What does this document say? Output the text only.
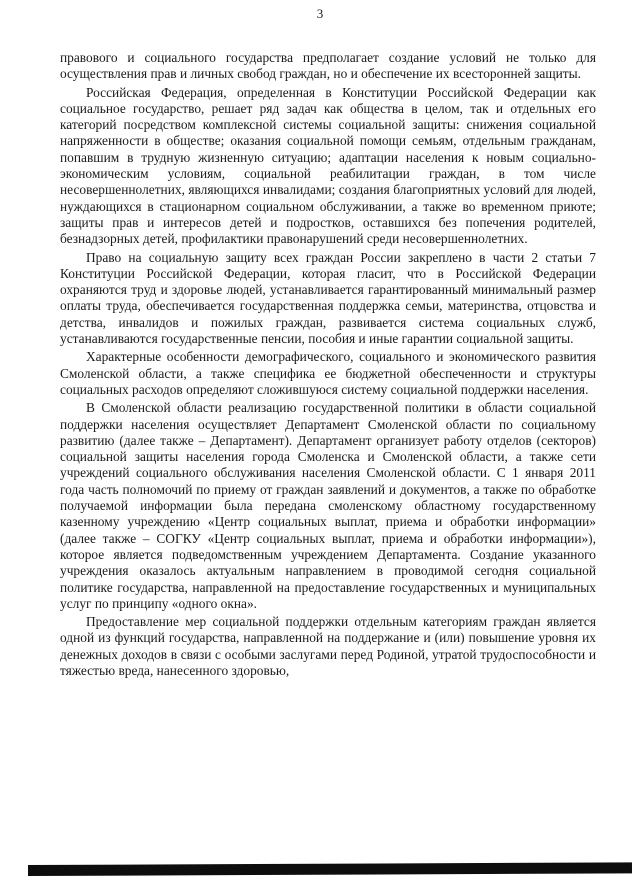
3

правового и социального государства предполагает создание условий не только для осуществления прав и личных свобод граждан, но и обеспечение их всесторонней защиты.

Российская Федерация, определенная в Конституции Российской Федерации как социальное государство, решает ряд задач как общества в целом, так и отдельных его категорий посредством комплексной системы социальной защиты: снижения социальной напряженности в обществе; оказания социальной помощи семьям, отдельным гражданам, попавшим в трудную жизненную ситуацию; адаптации населения к новым социально-экономическим условиям, социальной реабилитации граждан, в том числе несовершеннолетних, являющихся инвалидами; создания благоприятных условий для людей, нуждающихся в стационарном социальном обслуживании, а также во временном приюте; защиты прав и интересов детей и подростков, оставшихся без попечения родителей, безнадзорных детей, профилактики правонарушений среди несовершеннолетних.

Право на социальную защиту всех граждан России закреплено в части 2 статьи 7 Конституции Российской Федерации, которая гласит, что в Российской Федерации охраняются труд и здоровье людей, устанавливается гарантированный минимальный размер оплаты труда, обеспечивается государственная поддержка семьи, материнства, отцовства и детства, инвалидов и пожилых граждан, развивается система социальных служб, устанавливаются государственные пенсии, пособия и иные гарантии социальной защиты.

Характерные особенности демографического, социального и экономического развития Смоленской области, а также специфика ее бюджетной обеспеченности и структуры социальных расходов определяют сложившуюся систему социальной поддержки населения.

В Смоленской области реализацию государственной политики в области социальной поддержки населения осуществляет Департамент Смоленской области по социальному развитию (далее также – Департамент). Департамент организует работу отделов (секторов) социальной защиты населения города Смоленска и Смоленской области, а также сети учреждений социального обслуживания населения Смоленской области. С 1 января 2011 года часть полномочий по приему от граждан заявлений и документов, а также по обработке получаемой информации была передана смоленскому областному государственному казенному учреждению «Центр социальных выплат, приема и обработки информации» (далее также – СОГКУ «Центр социальных выплат, приема и обработки информации»), которое является подведомственным учреждением Департамента. Создание указанного учреждения оказалось актуальным направлением в проводимой сегодня социальной политике государства, направленной на предоставление государственных и муниципальных услуг по принципу «одного окна».

Предоставление мер социальной поддержки отдельным категориям граждан является одной из функций государства, направленной на поддержание и (или) повышение уровня их денежных доходов в связи с особыми заслугами перед Родиной, утратой трудоспособности и тяжестью вреда, нанесенного здоровью,
